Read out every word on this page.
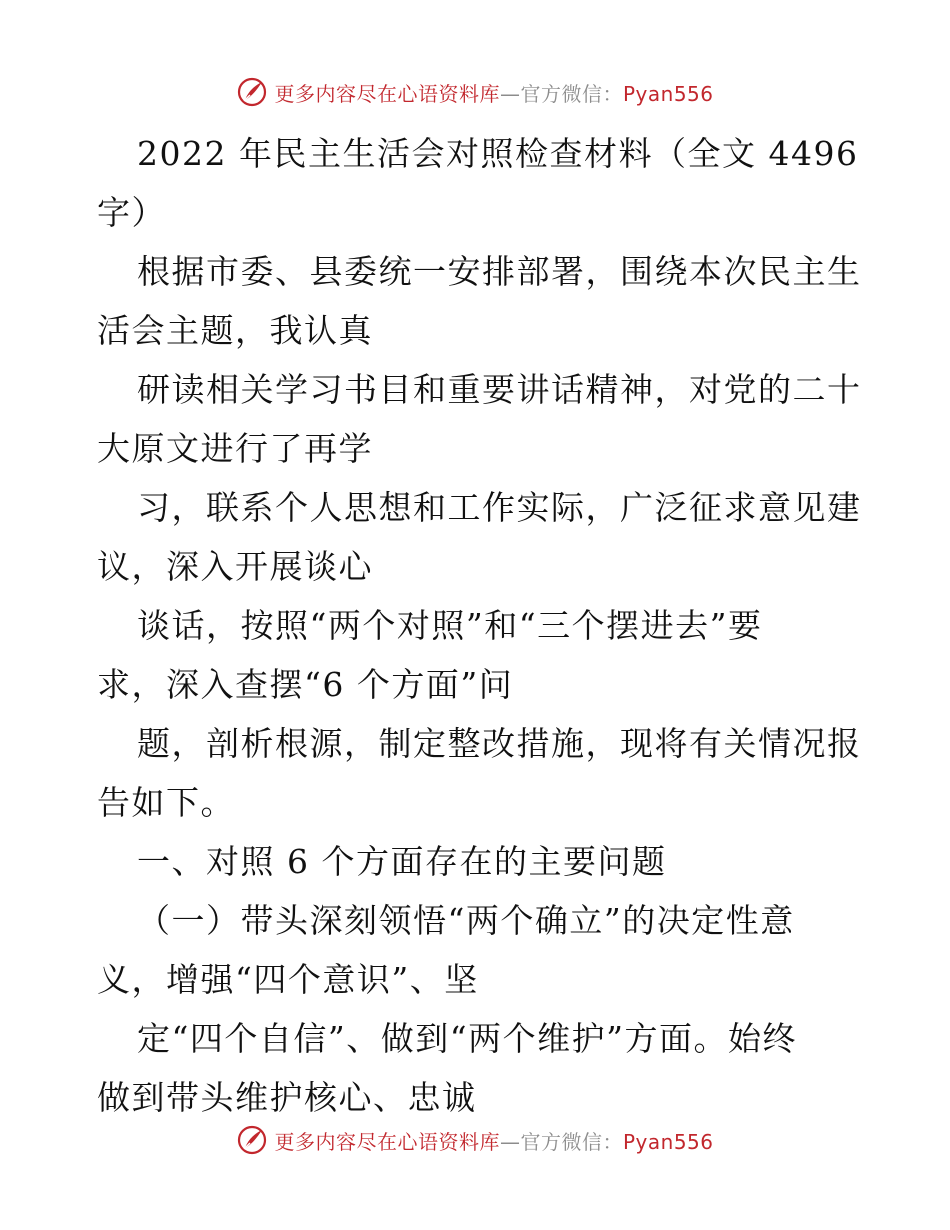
更多内容尽在心语资料库—官方微信：Pyan556

2022 年民主生活会对照检查材料（全文 4496
字）

根据市委、县委统一安排部署，围绕本次民主生
活会主题，我认真

研读相关学习书目和重要讲话精神，对党的二十
大原文进行了再学

习，联系个人思想和工作实际，广泛征求意见建
议，深入开展谈心

谈话，按照“两个对照”和“三个摆进去”要
求，深入查摆“6 个方面”问

题，剖析根源，制定整改措施，现将有关情况报
告如下。

一、对照 6 个方面存在的主要问题

（一）带头深刻领悟“两个确立”的决定性意
义，增强“四个意识”、坚

定“四个自信”、做到“两个维护”方面。始终
做到带头维护核心、忠诚

更多内容尽在心语资料库—官方微信：Pyan556
